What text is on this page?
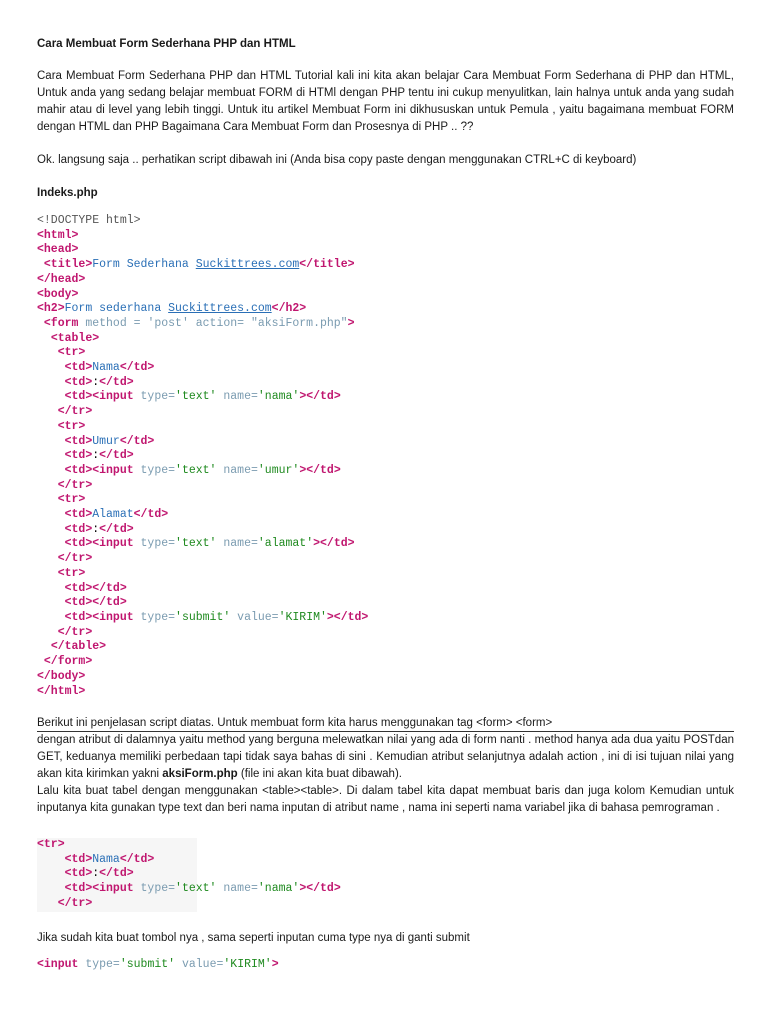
Cara Membuat Form Sederhana PHP dan HTML
Cara Membuat Form Sederhana PHP dan HTML Tutorial kali ini kita akan belajar Cara Membuat Form Sederhana di PHP dan HTML, Untuk anda yang sedang belajar membuat FORM di HTMl dengan PHP tentu ini cukup menyulitkan, lain halnya untuk anda yang sudah mahir atau di level yang lebih tinggi. Untuk itu artikel Membuat Form ini dikhususkan untuk Pemula , yaitu bagaimana membuat FORM dengan HTML dan PHP Bagaimana Cara Membuat Form dan Prosesnya di PHP .. ??
Ok. langsung saja .. perhatikan script dibawah ini (Anda bisa copy paste dengan menggunakan CTRL+C di keyboard)
Indeks.php
<!DOCTYPE html>
<html>
<head>
<title>Form Sederhana Suckittrees.com</title>
</head>
<body>
<h2>Form sederhana Suckittrees.com</h2>
<form method = 'post' action= "aksiForm.php">
<table>
<tr>
<td>Nama</td>
<td>:</td>
<td><input type='text' name='nama'></td>
</tr>
<tr>
<td>Umur</td>
<td>:</td>
<td><input type='text' name='umur'></td>
</tr>
<tr>
<td>Alamat</td>
<td>:</td>
<td><input type='text' name='alamat'></td>
</tr>
<tr>
<td></td>
<td></td>
<td><input type='submit' value='KIRIM'></td>
</tr>
</table>
</form>
</body>
</html>
Berikut ini penjelasan script diatas. Untuk membuat form kita harus menggunakan tag <form> <form>
dengan atribut di dalamnya yaitu method yang berguna melewatkan nilai yang ada di form nanti . method hanya ada dua yaitu POSTdan GET, keduanya memiliki perbedaan tapi tidak saya bahas di sini . Kemudian atribut selanjutnya adalah action , ini di isi tujuan nilai yang akan kita kirimkan yakni aksiForm.php (file ini akan kita buat dibawah).
Lalu kita buat tabel dengan menggunakan <table><table>. Di dalam tabel kita dapat membuat baris dan juga kolom Kemudian untuk inputanya kita gunakan type text dan beri nama inputan di atribut name , nama ini seperti nama variabel jika di bahasa pemrograman .
<tr>
<td>Nama</td>
<td>:</td>
<td><input type='text' name='nama'></td>
</tr>
Jika sudah kita buat tombol nya , sama seperti inputan cuma type nya di ganti submit
<input type='submit' value='KIRIM'>
